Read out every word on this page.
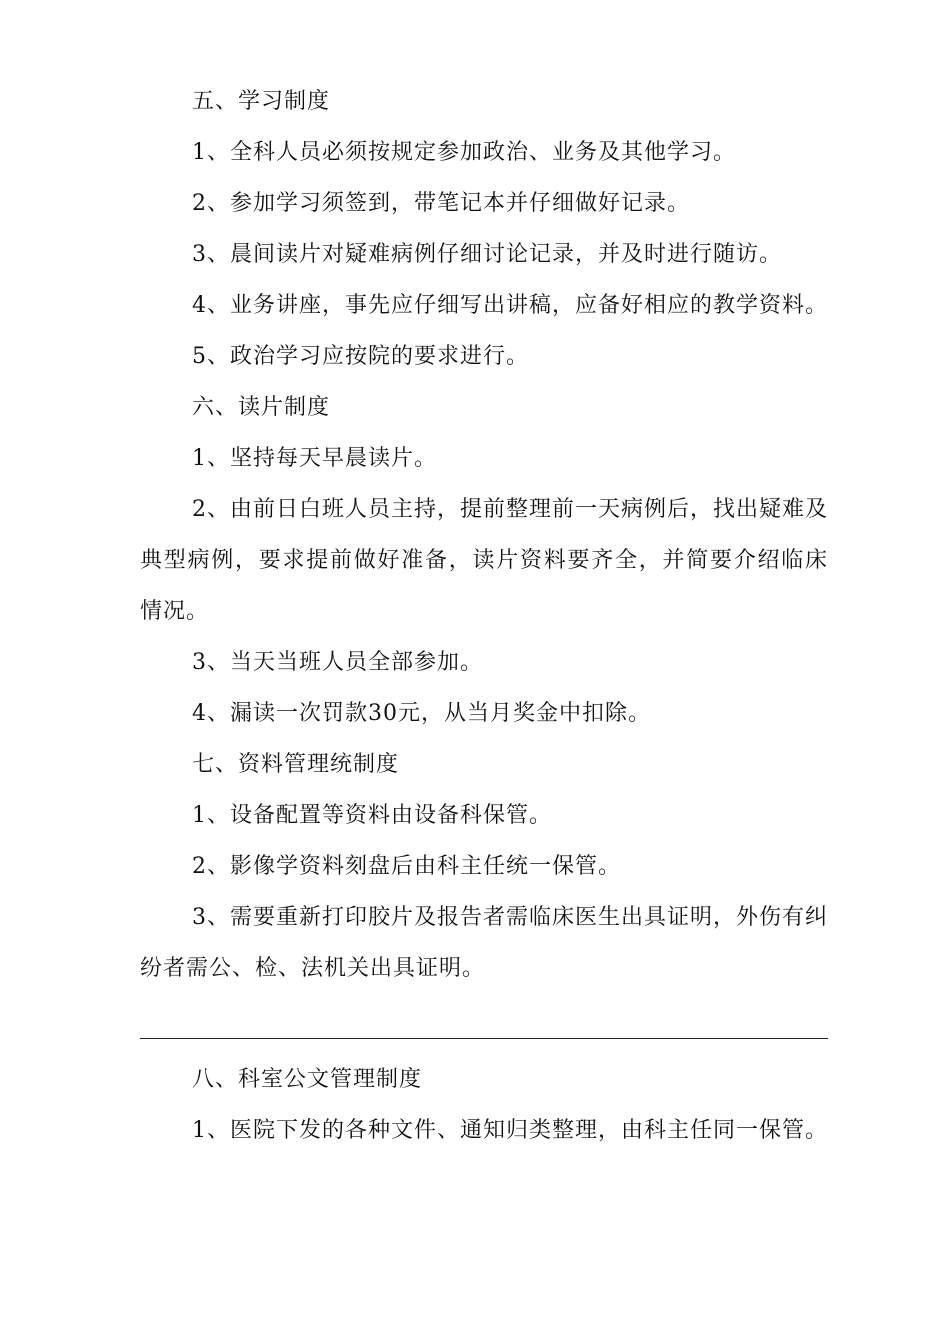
五、学习制度

1、全科人员必须按规定参加政治、业务及其他学习。

2、参加学习须签到，带笔记本并仔细做好记录。

3、晨间读片对疑难病例仔细讨论记录，并及时进行随访。

4、业务讲座，事先应仔细写出讲稿，应备好相应的教学资料。

5、政治学习应按院的要求进行。

六、读片制度

1、坚持每天早晨读片。

2、由前日白班人员主持，提前整理前一天病例后，找出疑难及典型病例，要求提前做好准备，读片资料要齐全，并简要介绍临床情况。

3、当天当班人员全部参加。

4、漏读一次罚款30元，从当月奖金中扣除。

七、资料管理统制度

1、设备配置等资料由设备科保管。

2、影像学资料刻盘后由科主任统一保管。

3、需要重新打印胶片及报告者需临床医生出具证明，外伤有纠纷者需公、检、法机关出具证明。

八、科室公文管理制度

1、医院下发的各种文件、通知归类整理，由科主任同一保管。
